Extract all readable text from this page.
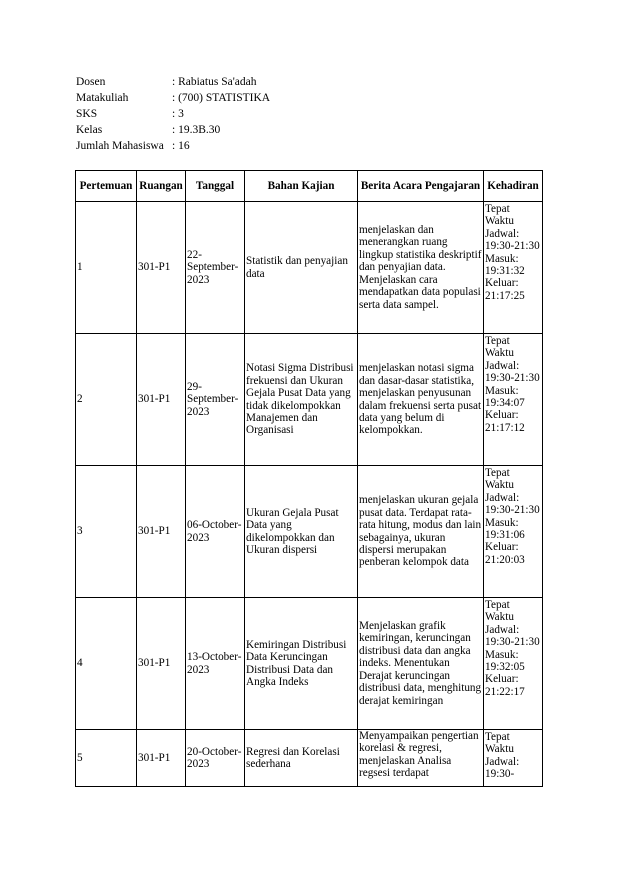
Dosen	: Rabiatus Sa'adah
Matakuliah	: (700) STATISTIKA
SKS	: 3
Kelas	: 19.3B.30
Jumlah Mahasiswa : 16
Pertemuan	Ruangan	Tanggal	Bahan Kajian	Berita Acara Pengajaran	Kehadiran
1	301-P1	22-September-2023	Statistik dan penyajian data	menjelaskan dan menerangkan ruang lingkup statistika deskriptif dan penyajian data. Menjelaskan cara mendapatkan data populasi serta data sampel.	Tepat Waktu Jadwal: 19:30-21:30 Masuk: 19:31:32 Keluar: 21:17:25
2	301-P1	29-September-2023	Notasi Sigma Distribusi frekuensi dan Ukuran Gejala Pusat Data yang tidak dikelompokkan Manajemen dan Organisasi	menjelaskan notasi sigma dan dasar-dasar statistika, menjelaskan penyusunan dalam frekuensi serta pusat data yang belum di kelompokkan.	Tepat Waktu Jadwal: 19:30-21:30 Masuk: 19:34:07 Keluar: 21:17:12
3	301-P1	06-October-2023	Ukuran Gejala Pusat Data yang dikelompokkan dan Ukuran dispersi	menjelaskan ukuran gejala pusat data. Terdapat rata-rata hitung, modus dan lain sebagainya, ukuran dispersi merupakan penberan kelompok data	Tepat Waktu Jadwal: 19:30-21:30 Masuk: 19:31:06 Keluar: 21:20:03
4	301-P1	13-October-2023	Kemiringan Distribusi Data Keruncingan Distribusi Data dan Angka Indeks	Menjelaskan grafik kemiringan, keruncingan distribusi data dan angka indeks. Menentukan Derajat keruncingan distribusi data, menghitung derajat kemiringan	Tepat Waktu Jadwal: 19:30-21:30 Masuk: 19:32:05 Keluar: 21:22:17
5	301-P1	20-October-2023	Regresi dan Korelasi sederhana	Menyampaikan pengertian korelasi & regresi, menjelaskan Analisa regsesi terdapat	Tepat Waktu Jadwal: 19:30-
